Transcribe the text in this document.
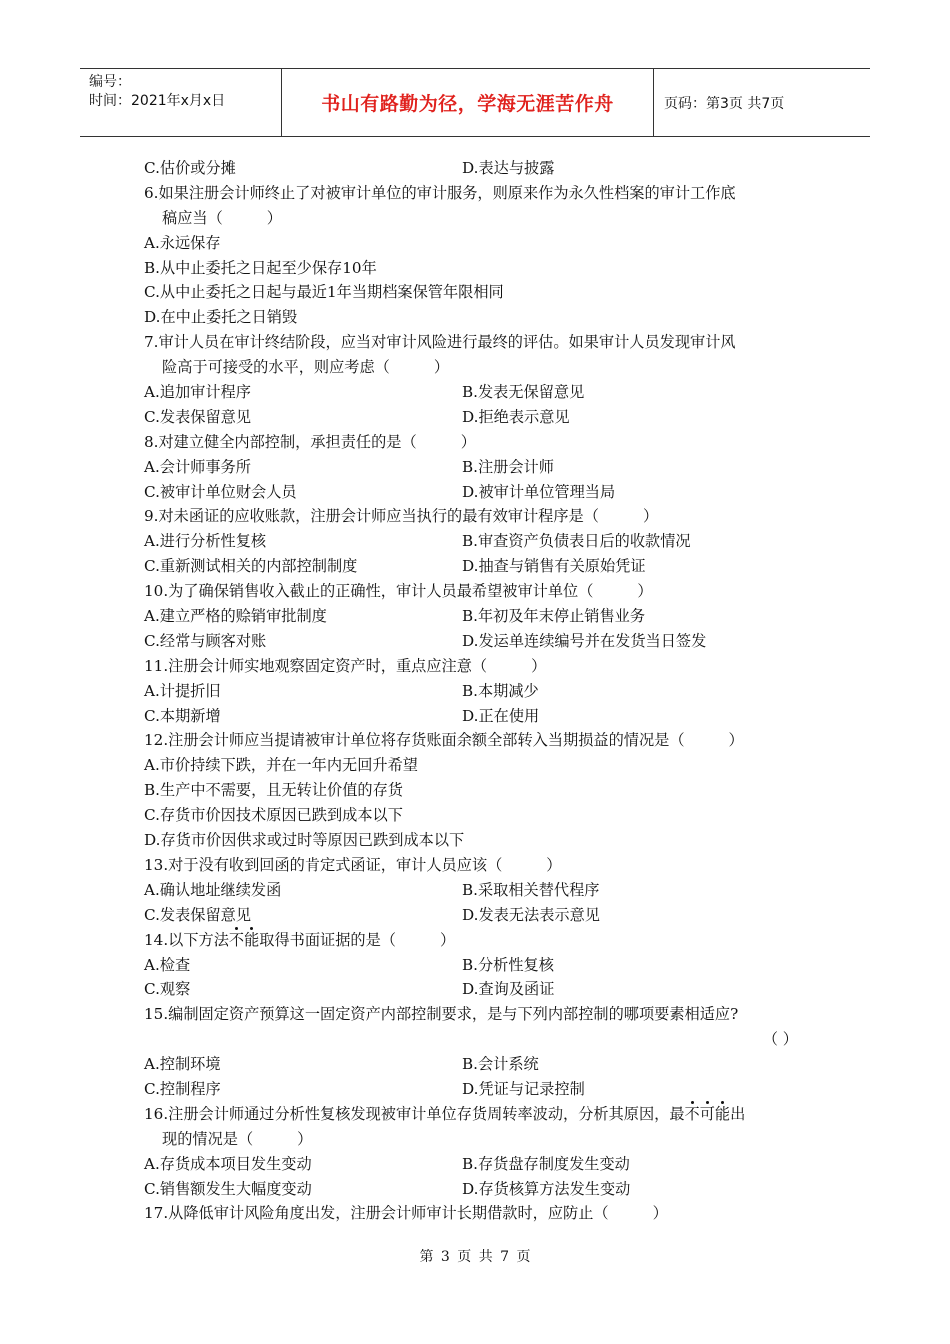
编号：
时间：2021年x月x日	书山有路勤为径，学海无涯苦作舟	页码：第3页 共7页
C.估价或分摊	D.表达与披露
6.如果注册会计师终止了对被审计单位的审计服务，则原来作为永久性档案的审计工作底
稿应当（	）
A.永远保存
B.从中止委托之日起至少保存10年
C.从中止委托之日起与最近1年当期档案保管年限相同
D.在中止委托之日销毁
7.审计人员在审计终结阶段，应当对审计风险进行最终的评估。如果审计人员发现审计风
险高于可接受的水平，则应考虑（	）
A.追加审计程序	B.发表无保留意见
C.发表保留意见	D.拒绝表示意见
8.对建立健全内部控制，承担责任的是（	）
A.会计师事务所	B.注册会计师
C.被审计单位财会人员	D.被审计单位管理当局
9.对未函证的应收账款，注册会计师应当执行的最有效审计程序是（	）
A.进行分析性复核	B.审查资产负债表日后的收款情况
C.重新测试相关的内部控制制度	D.抽查与销售有关原始凭证
10.为了确保销售收入截止的正确性，审计人员最希望被审计单位（	）
A.建立严格的赊销审批制度	B.年初及年末停止销售业务
C.经常与顾客对账	D.发运单连续编号并在发货当日签发
11.注册会计师实地观察固定资产时，重点应注意（	）
A.计提折旧	B.本期减少
C.本期新增	D.正在使用
12.注册会计师应当提请被审计单位将存货账面余额全部转入当期损益的情况是（	）
A.市价持续下跌，并在一年内无回升希望
B.生产中不需要，且无转让价值的存货
C.存货市价因技术原因已跌到成本以下
D.存货市价因供求或过时等原因已跌到成本以下
13.对于没有收到回函的肯定式函证，审计人员应该（	）
A.确认地址继续发函	B.采取相关替代程序
C.发表保留意见	D.发表无法表示意见
14.以下方法不能取得书面证据的是（	）
A.检查	B.分析性复核
C.观察	D.查询及函证
15.编制固定资产预算这一固定资产内部控制要求，是与下列内部控制的哪项要素相适应?
（ ）
A.控制环境	B.会计系统
C.控制程序	D.凭证与记录控制
16.注册会计师通过分析性复核发现被审计单位存货周转率波动，分析其原因，最不可能出
现的情况是（	）
A.存货成本项目发生变动	B.存货盘存制度发生变动
C.销售额发生大幅度变动	D.存货核算方法发生变动
17.从降低审计风险角度出发，注册会计师审计长期借款时，应防止（	）
第 3 页 共 7 页
